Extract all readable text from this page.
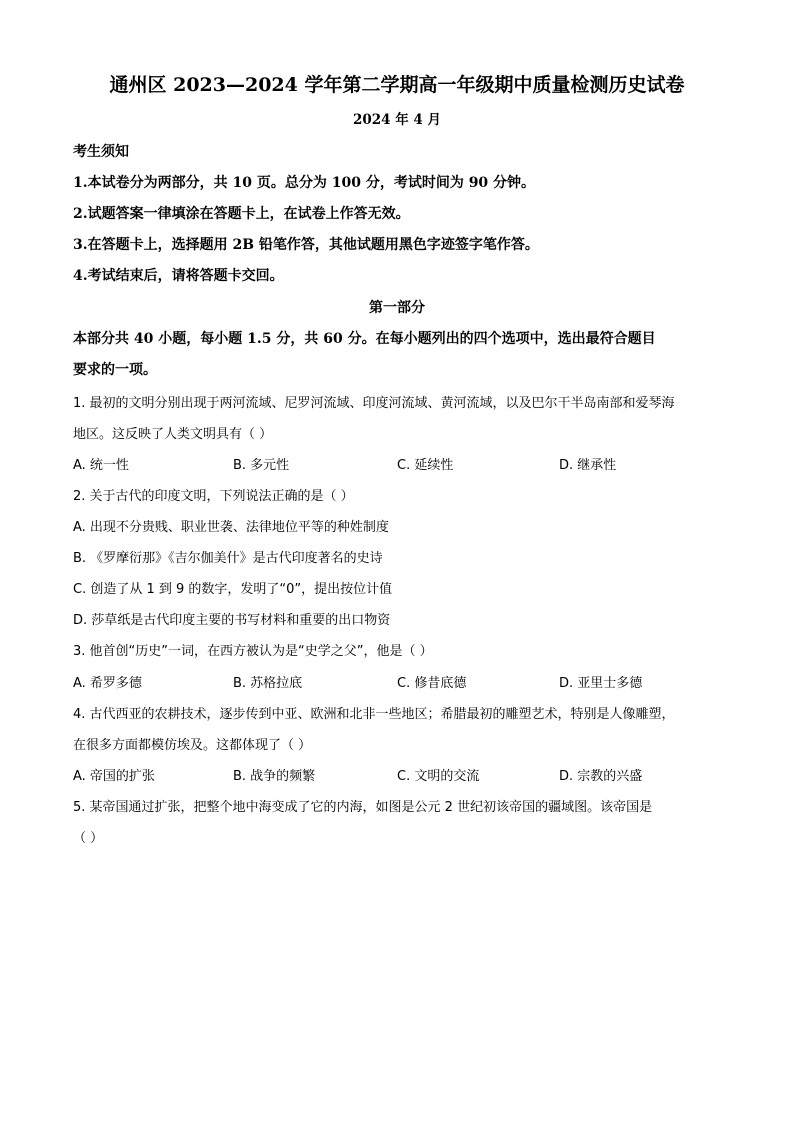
通州区 2023—2024 学年第二学期高一年级期中质量检测历史试卷
2024 年 4 月
考生须知
1.本试卷分为两部分，共 10 页。总分为 100 分，考试时间为 90 分钟。
2.试题答案一律填涂在答题卡上，在试卷上作答无效。
3.在答题卡上，选择题用 2B 铅笔作答，其他试题用黑色字迹签字笔作答。
4.考试结束后，请将答题卡交回。
第一部分
本部分共 40 小题，每小题 1.5 分，共 60 分。在每小题列出的四个选项中，选出最符合题目
要求的一项。
1. 最初的文明分别出现于两河流域、尼罗河流域、印度河流域、黄河流域，以及巴尔干半岛南部和爱琴海
地区。这反映了人类文明具有（ ）
A. 统一性	B. 多元性	C. 延续性	D. 继承性
2. 关于古代的印度文明，下列说法正确的是（ ）
A. 出现不分贵贱、职业世袭、法律地位平等的种姓制度
B. 《罗摩衍那》《吉尔伽美什》是古代印度著名的史诗
C. 创造了从 1 到 9 的数字，发明了“0”，提出按位计值
D. 莎草纸是古代印度主要的书写材料和重要的出口物资
3. 他首创“历史”一词，在西方被认为是“史学之父”，他是（ ）
A. 希罗多德	B. 苏格拉底	C. 修昔底德	D. 亚里士多德
4. 古代西亚的农耕技术，逐步传到中亚、欧洲和北非一些地区；希腊最初的雕塑艺术，特别是人像雕塑，
在很多方面都模仿埃及。这都体现了（ ）
A. 帝国的扩张	B. 战争的频繁	C. 文明的交流	D. 宗教的兴盛
5. 某帝国通过扩张，把整个地中海变成了它的内海，如图是公元 2 世纪初该帝国的疆域图。该帝国是
（ ）
